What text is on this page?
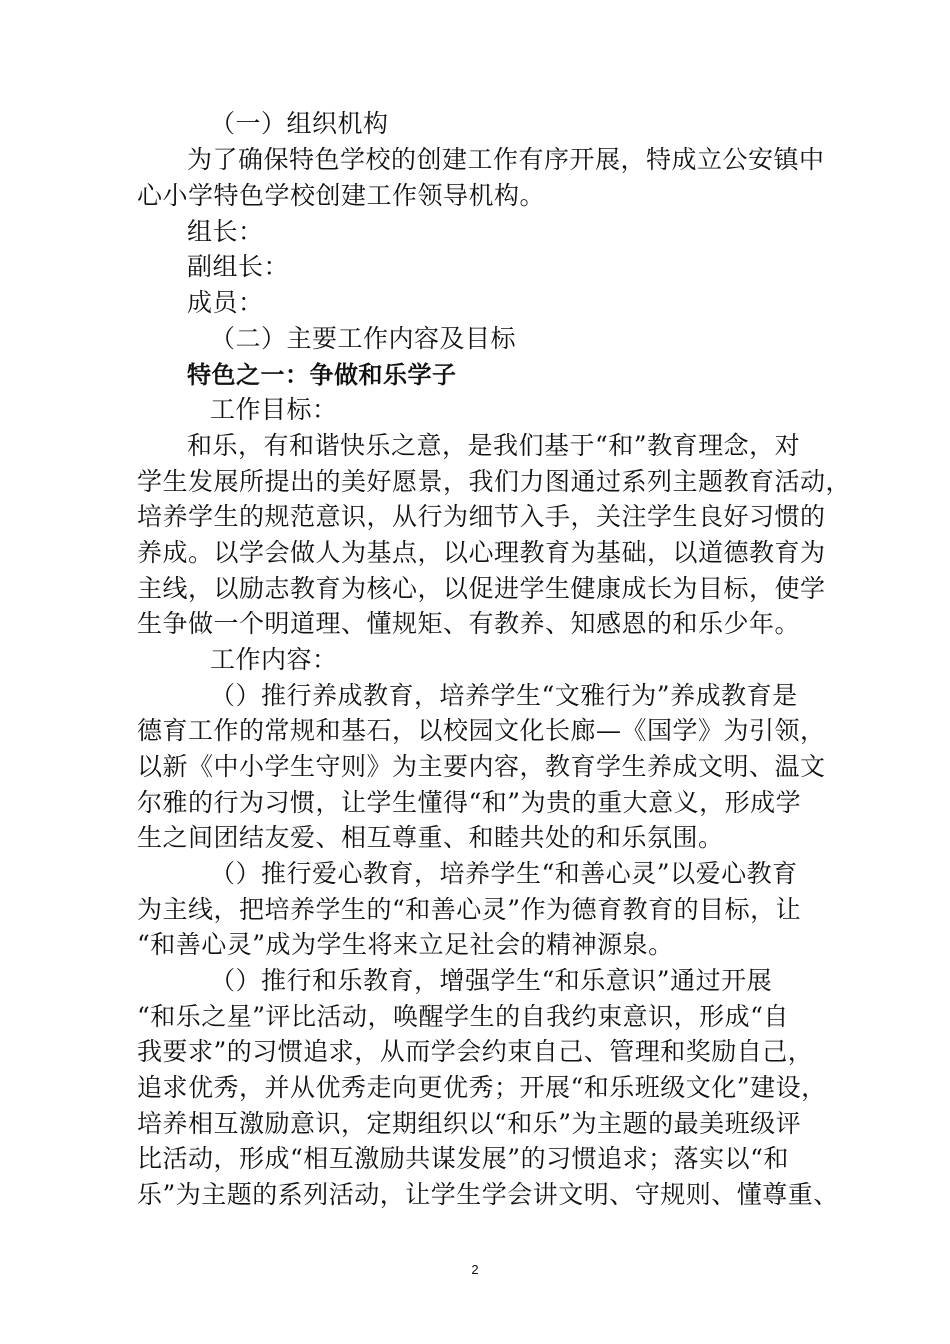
（一）组织机构
为了确保特色学校的创建工作有序开展，特成立公安镇中
心小学特色学校创建工作领导机构。
组长：
副组长：
成员：
（二）主要工作内容及目标
特色之一：争做和乐学子
工作目标：
和乐，有和谐快乐之意，是我们基于“和”教育理念，对
学生发展所提出的美好愿景，我们力图通过系列主题教育活动，
培养学生的规范意识，从行为细节入手，关注学生良好习惯的
养成。以学会做人为基点，以心理教育为基础，以道德教育为
主线，以励志教育为核心，以促进学生健康成长为目标，使学
生争做一个明道理、懂规矩、有教养、知感恩的和乐少年。
工作内容：
（）推行养成教育，培养学生“文雅行为”养成教育是
德育工作的常规和基石，以校园文化长廊—《国学》为引领，
以新《中小学生守则》为主要内容，教育学生养成文明、温文
尔雅的行为习惯，让学生懂得“和”为贵的重大意义，形成学
生之间团结友爱、相互尊重、和睦共处的和乐氛围。
（）推行爱心教育，培养学生“和善心灵”以爱心教育
为主线，把培养学生的“和善心灵”作为德育教育的目标，让
“和善心灵”成为学生将来立足社会的精神源泉。
（）推行和乐教育，增强学生“和乐意识”通过开展
“和乐之星”评比活动，唤醒学生的自我约束意识，形成“自
我要求”的习惯追求，从而学会约束自己、管理和奖励自己，
追求优秀，并从优秀走向更优秀；开展“和乐班级文化”建设，
培养相互激励意识，定期组织以“和乐”为主题的最美班级评
比活动，形成“相互激励共谋发展”的习惯追求；落实以“和
乐”为主题的系列活动，让学生学会讲文明、守规则、懂尊重、
2
